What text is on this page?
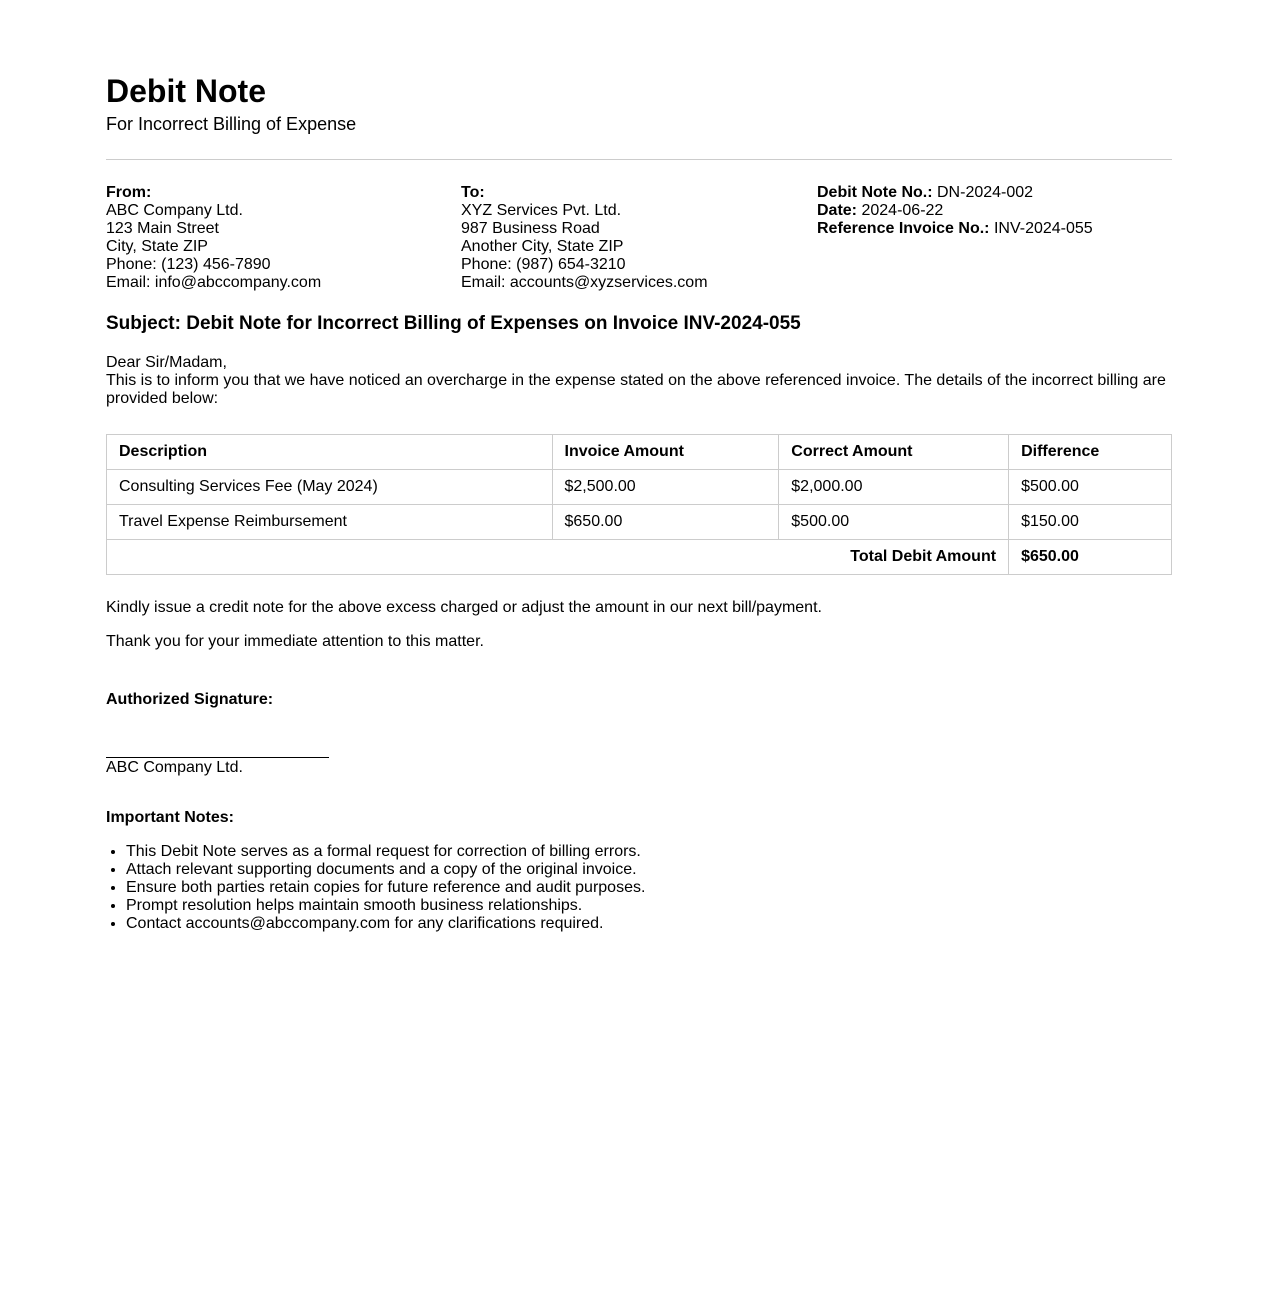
Debit Note
For Incorrect Billing of Expense
From:
ABC Company Ltd.
123 Main Street
City, State ZIP
Phone: (123) 456-7890
Email: info@abccompany.com
To:
XYZ Services Pvt. Ltd.
987 Business Road
Another City, State ZIP
Phone: (987) 654-3210
Email: accounts@xyzservices.com
Debit Note No.: DN-2024-002
Date: 2024-06-22
Reference Invoice No.: INV-2024-055
Subject: Debit Note for Incorrect Billing of Expenses on Invoice INV-2024-055
Dear Sir/Madam,
This is to inform you that we have noticed an overcharge in the expense stated on the above referenced invoice. The details of the incorrect billing are provided below:
Description	Invoice Amount	Correct Amount	Difference
Consulting Services Fee (May 2024)	$2,500.00	$2,000.00	$500.00
Travel Expense Reimbursement	$650.00	$500.00	$150.00
Total Debit Amount			$650.00
Kindly issue a credit note for the above excess charged or adjust the amount in our next bill/payment.
Thank you for your immediate attention to this matter.
Authorized Signature:
ABC Company Ltd.
Important Notes:
• This Debit Note serves as a formal request for correction of billing errors.
• Attach relevant supporting documents and a copy of the original invoice.
• Ensure both parties retain copies for future reference and audit purposes.
• Prompt resolution helps maintain smooth business relationships.
• Contact accounts@abccompany.com for any clarifications required.
